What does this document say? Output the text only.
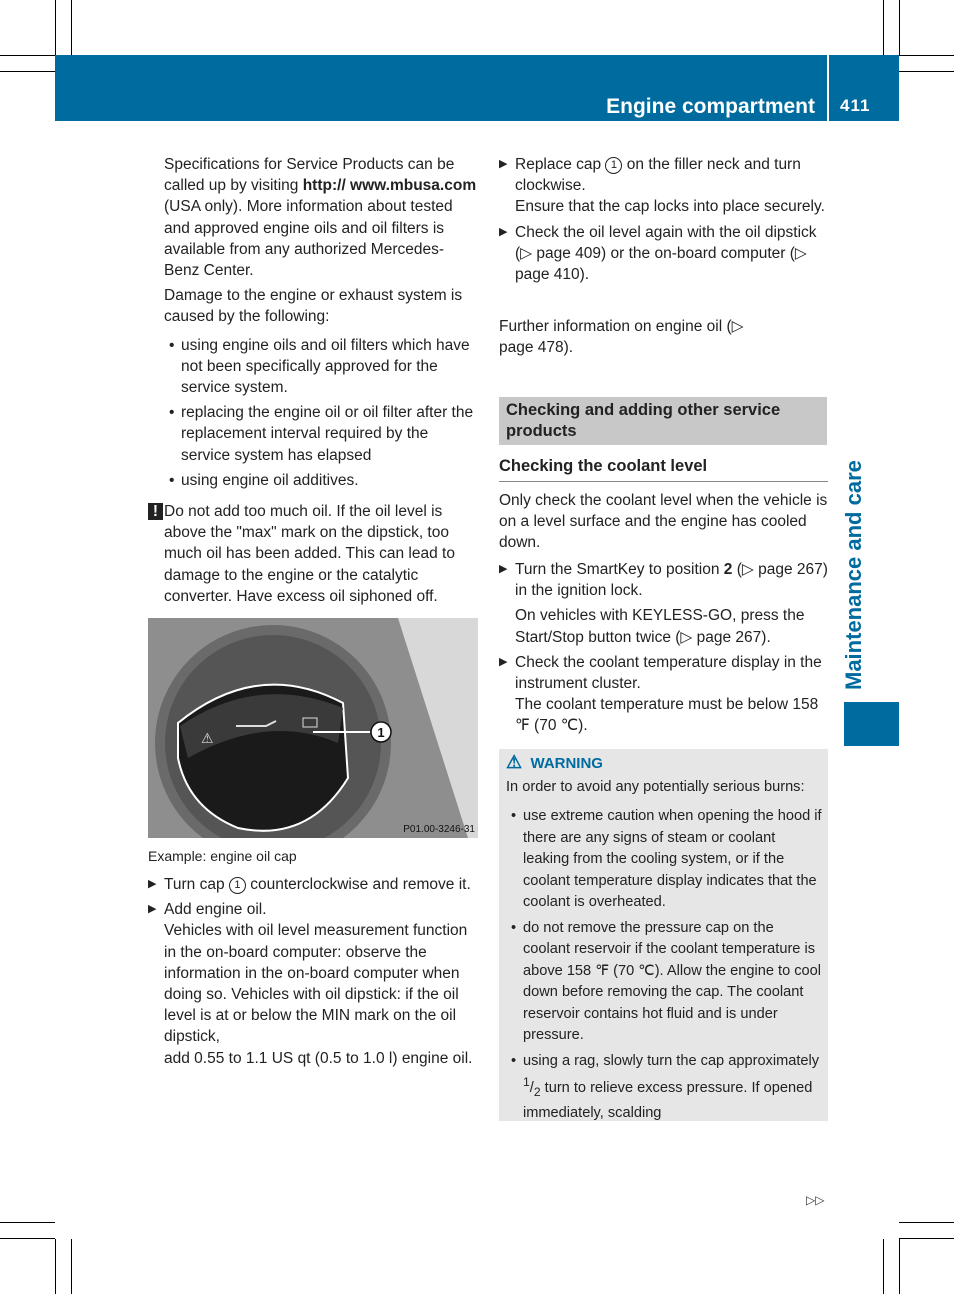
Engine compartment 411
Maintenance and care

Specifications for Service Products can be called up by visiting http:// www.mbusa.com (USA only). More information about tested and approved engine oils and oil filters is available from any authorized Mercedes-Benz Center.

Damage to the engine or exhaust system is caused by the following:

• using engine oils and oil filters which have not been specifically approved for the service system.

• replacing the engine oil or oil filter after the replacement interval required by the service system has elapsed

• using engine oil additives.

! Do not add too much oil. If the oil level is above the "max" mark on the dipstick, too much oil has been added. This can lead to damage to the engine or the catalytic converter. Have excess oil siphoned off.

⚠	1
P01.00-3246-31
Example: engine oil cap

▶ Turn cap 1 counterclockwise and remove it.

▶ Add engine oil.

Vehicles with oil level measurement function in the on-board computer: observe the information in the on-board computer when doing so. Vehicles with oil dipstick: if the oil level is at or below the MIN mark on the oil dipstick,

add 0.55 to 1.1 US qt (0.5 to 1.0 l) engine oil.

▶ Replace cap 1 on the filler neck and turn clockwise.

Ensure that the cap locks into place securely.

▶ Check the oil level again with the oil dipstick (▷ page 409) or the on-board computer (▷ page 410).

Further information on engine oil (▷ page 478).

Checking and adding other service products
Checking the coolant level

Only check the coolant level when the vehicle is on a level surface and the engine has cooled down.

▶ Turn the SmartKey to position 2 (▷ page 267) in the ignition lock.

On vehicles with KEYLESS-GO, press the Start/Stop button twice (▷ page 267).

▶ Check the coolant temperature display in the instrument cluster.

The coolant temperature must be below 158 ℉ (70 ℃).

⚠ WARNING

In order to avoid any potentially serious burns:

• use extreme caution when opening the hood if there are any signs of steam or coolant leaking from the cooling system, or if the coolant temperature display indicates that the coolant is overheated.

• do not remove the pressure cap on the coolant reservoir if the coolant temperature is above 158 ℉ (70 ℃). Allow the engine to cool down before removing the cap. The coolant reservoir contains hot fluid and is under pressure.

• using a rag, slowly turn the cap approximately $^1/_2$ turn to relieve excess pressure. If opened immediately, scalding

▷▷
